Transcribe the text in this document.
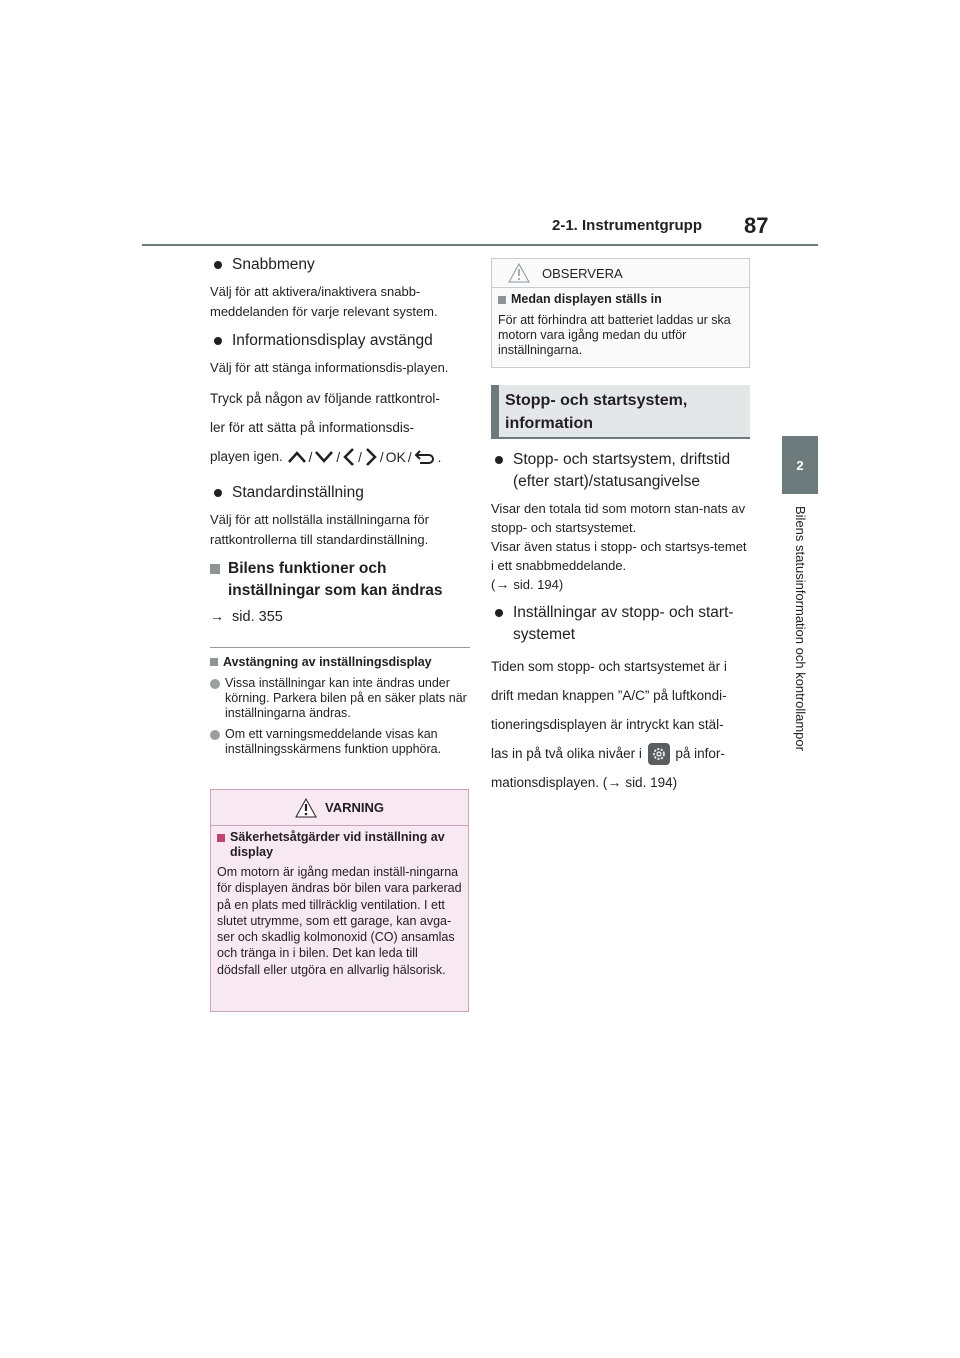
2-1. Instrumentgrupp 87
2
Bilens statusinformation och kontrollampor
Snabbmeny
Välj för att aktivera/inaktivera snabb-meddelanden för varje relevant system.
Informationsdisplay avstängd
Välj för att stänga informationsdis-playen.
Tryck på någon av följande rattkontrol-
ler för att sätta på informationsdis-
playen igen. / / / / OK / .
Standardinställning
Välj för att nollställa inställningarna för rattkontrollerna till standardinställning.
Bilens funktioner och inställningar som kan ändras
→ sid. 355
Avstängning av inställningsdisplay
Vissa inställningar kan inte ändras under körning. Parkera bilen på en säker plats när inställningarna ändras.
Om ett varningsmeddelande visas kan inställningsskärmens funktion upphöra.
VARNING
Säkerhetsåtgärder vid inställning av display
Om motorn är igång medan inställ-ningarna för displayen ändras bör bilen vara parkerad på en plats med tillräcklig ventilation. I ett slutet utrymme, som ett garage, kan avga-ser och skadlig kolmonoxid (CO) ansamlas och tränga in i bilen. Det kan leda till dödsfall eller utgöra en allvarlig hälsorisk.
OBSERVERA
Medan displayen ställs in
För att förhindra att batteriet laddas ur ska motorn vara igång medan du utför inställningarna.
Stopp- och startsystem, information
Stopp- och startsystem, driftstid (efter start)/statusangivelse
Visar den totala tid som motorn stan-nats av stopp- och startsystemet.
Visar även status i stopp- och startsys-temet i ett snabbmeddelande.
(→ sid. 194)
Inställningar av stopp- och start-systemet
Tiden som stopp- och startsystemet är i
drift medan knappen ”A/C” på luftkondi-
tioneringsdisplayen är intryckt kan stäl-
las in på två olika nivåer i på infor-
mationsdisplayen. (→ sid. 194)
